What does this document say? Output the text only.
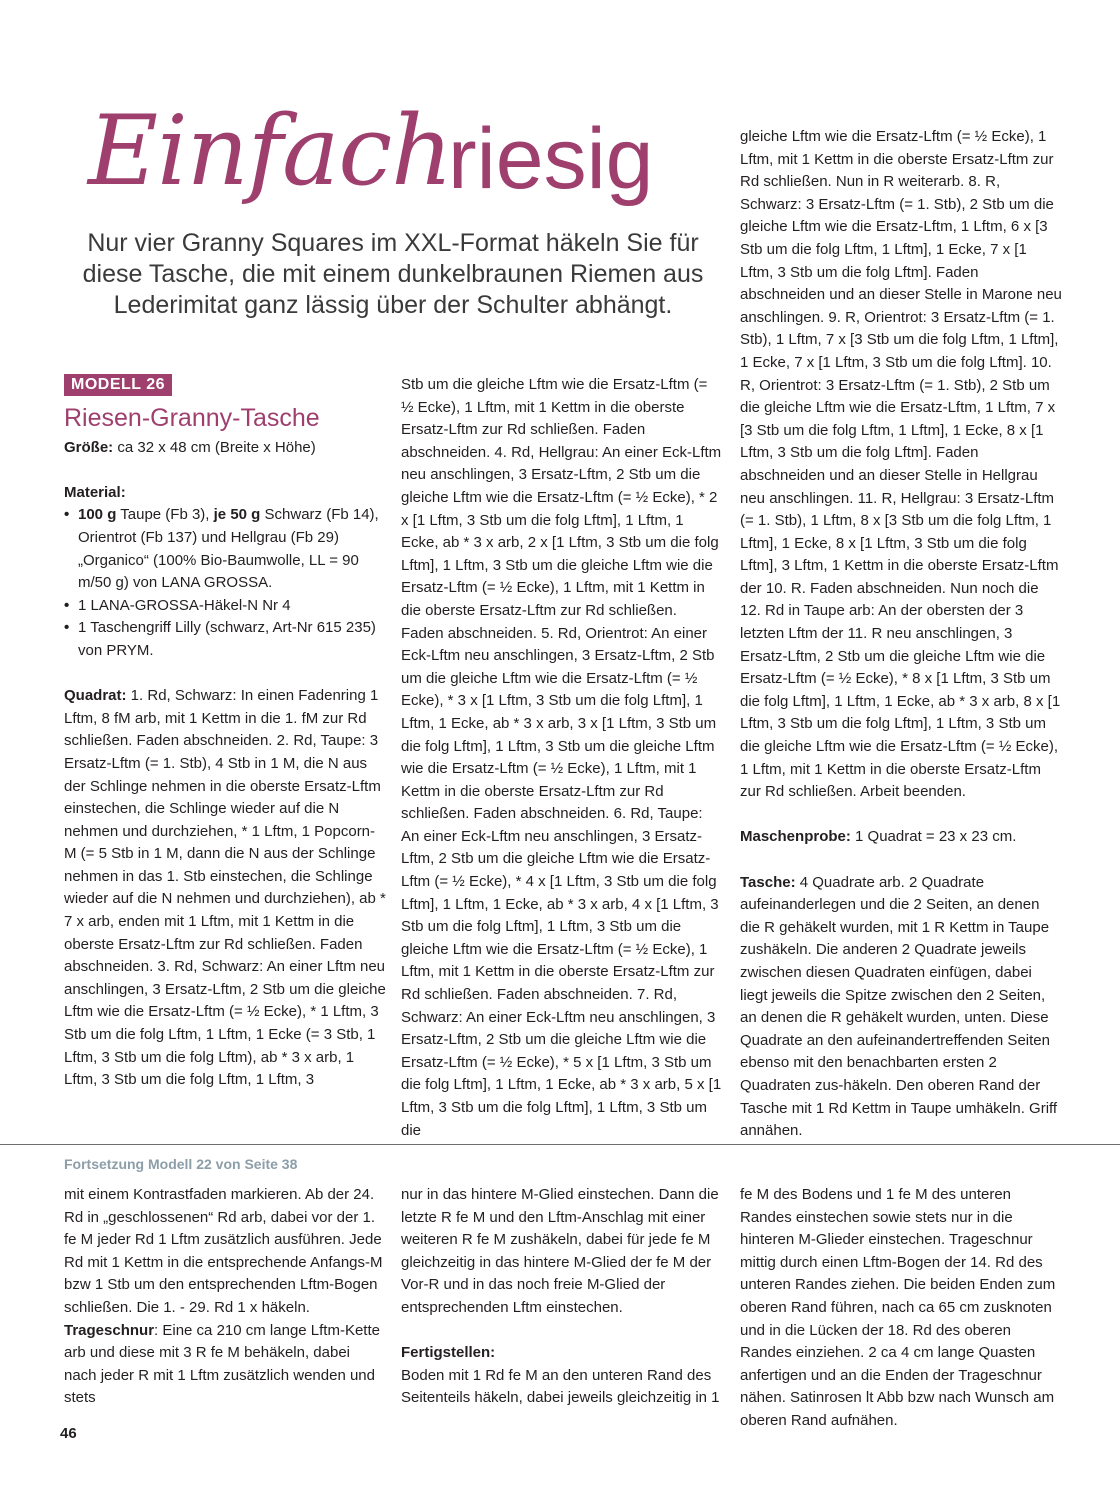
Einfach
riesig
Nur vier Granny Squares im XXL-Format häkeln Sie für diese Tasche, die mit einem dunkelbraunen Riemen aus Lederimitat ganz lässig über der Schulter abhängt.
MODELL 26
Riesen-Granny-Tasche

Größe: ca 32 x 48 cm (Breite x Höhe)

Material:

• 100 g Taupe (Fb 3), je 50 g Schwarz (Fb 14), Orientrot (Fb 137) und Hellgrau (Fb 29) „Organico“ (100% Bio-Baumwolle, LL = 90 m/50 g) von LANA GROSSA.
• 1 LANA-GROSSA-Häkel-N Nr 4
• 1 Taschengriff Lilly (schwarz, Art-Nr 615 235) von PRYM.

Quadrat: 1. Rd, Schwarz: In einen Fadenring 1 Lftm, 8 fM arb, mit 1 Kettm in die 1. fM zur Rd schließen. Faden abschneiden. 2. Rd, Taupe: 3 Ersatz-Lftm (= 1. Stb), 4 Stb in 1 M, die N aus der Schlinge nehmen in die oberste Ersatz-Lftm einstechen, die Schlinge wieder auf die N nehmen und durchziehen, * 1 Lftm, 1 Popcorn-M (= 5 Stb in 1 M, dann die N aus der Schlinge nehmen in das 1. Stb einstechen, die Schlinge wieder auf die N nehmen und durchziehen), ab * 7 x arb, enden mit 1 Lftm, mit 1 Kettm in die oberste Ersatz-Lftm zur Rd schließen. Faden abschneiden. 3. Rd, Schwarz: An einer Lftm neu anschlingen, 3 Ersatz-Lftm, 2 Stb um die gleiche Lftm wie die Ersatz-Lftm (= ½ Ecke), * 1 Lftm, 3 Stb um die folg Lftm, 1 Lftm, 1 Ecke (= 3 Stb, 1 Lftm, 3 Stb um die folg Lftm), ab * 3 x arb, 1 Lftm, 3 Stb um die folg Lftm, 1 Lftm, 3

Stb um die gleiche Lftm wie die Ersatz-Lftm (= ½ Ecke), 1 Lftm, mit 1 Kettm in die oberste Ersatz-Lftm zur Rd schließen. Faden abschneiden. 4. Rd, Hellgrau: An einer Eck-Lftm neu anschlingen, 3 Ersatz-Lftm, 2 Stb um die gleiche Lftm wie die Ersatz-Lftm (= ½ Ecke), * 2 x [1 Lftm, 3 Stb um die folg Lftm], 1 Lftm, 1 Ecke, ab * 3 x arb, 2 x [1 Lftm, 3 Stb um die folg Lftm], 1 Lftm, 3 Stb um die gleiche Lftm wie die Ersatz-Lftm (= ½ Ecke), 1 Lftm, mit 1 Kettm in die oberste Ersatz-Lftm zur Rd schließen. Faden abschneiden. 5. Rd, Orientrot: An einer Eck-Lftm neu anschlingen, 3 Ersatz-Lftm, 2 Stb um die gleiche Lftm wie die Ersatz-Lftm (= ½ Ecke), * 3 x [1 Lftm, 3 Stb um die folg Lftm], 1 Lftm, 1 Ecke, ab * 3 x arb, 3 x [1 Lftm, 3 Stb um die folg Lftm], 1 Lftm, 3 Stb um die gleiche Lftm wie die Ersatz-Lftm (= ½ Ecke), 1 Lftm, mit 1 Kettm in die oberste Ersatz-Lftm zur Rd schließen. Faden abschneiden. 6. Rd, Taupe: An einer Eck-Lftm neu anschlingen, 3 Ersatz-Lftm, 2 Stb um die gleiche Lftm wie die Ersatz-Lftm (= ½ Ecke), * 4 x [1 Lftm, 3 Stb um die folg Lftm], 1 Lftm, 1 Ecke, ab * 3 x arb, 4 x [1 Lftm, 3 Stb um die folg Lftm], 1 Lftm, 3 Stb um die gleiche Lftm wie die Ersatz-Lftm (= ½ Ecke), 1 Lftm, mit 1 Kettm in die oberste Ersatz-Lftm zur Rd schließen. Faden abschneiden. 7. Rd, Schwarz: An einer Eck-Lftm neu anschlingen, 3 Ersatz-Lftm, 2 Stb um die gleiche Lftm wie die Ersatz-Lftm (= ½ Ecke), * 5 x [1 Lftm, 3 Stb um die folg Lftm], 1 Lftm, 1 Ecke, ab * 3 x arb, 5 x [1 Lftm, 3 Stb um die folg Lftm], 1 Lftm, 3 Stb um die

gleiche Lftm wie die Ersatz-Lftm (= ½ Ecke), 1 Lftm, mit 1 Kettm in die oberste Ersatz-Lftm zur Rd schließen. Nun in R weiterarb. 8. R, Schwarz: 3 Ersatz-Lftm (= 1. Stb), 2 Stb um die gleiche Lftm wie die Ersatz-Lftm, 1 Lftm, 6 x [3 Stb um die folg Lftm, 1 Lftm], 1 Ecke, 7 x [1 Lftm, 3 Stb um die folg Lftm]. Faden abschneiden und an dieser Stelle in Marone neu anschlingen. 9. R, Orientrot: 3 Ersatz-Lftm (= 1. Stb), 1 Lftm, 7 x [3 Stb um die folg Lftm, 1 Lftm], 1 Ecke, 7 x [1 Lftm, 3 Stb um die folg Lftm]. 10. R, Orientrot: 3 Ersatz-Lftm (= 1. Stb), 2 Stb um die gleiche Lftm wie die Ersatz-Lftm, 1 Lftm, 7 x [3 Stb um die folg Lftm, 1 Lftm], 1 Ecke, 8 x [1 Lftm, 3 Stb um die folg Lftm]. Faden abschneiden und an dieser Stelle in Hellgrau neu anschlingen. 11. R, Hellgrau: 3 Ersatz-Lftm (= 1. Stb), 1 Lftm, 8 x [3 Stb um die folg Lftm, 1 Lftm], 1 Ecke, 8 x [1 Lftm, 3 Stb um die folg Lftm], 3 Lftm, 1 Kettm in die oberste Ersatz-Lftm der 10. R. Faden abschneiden. Nun noch die 12. Rd in Taupe arb: An der obersten der 3 letzten Lftm der 11. R neu anschlingen, 3 Ersatz-Lftm, 2 Stb um die gleiche Lftm wie die Ersatz-Lftm (= ½ Ecke), * 8 x [1 Lftm, 3 Stb um die folg Lftm], 1 Lftm, 1 Ecke, ab * 3 x arb, 8 x [1 Lftm, 3 Stb um die folg Lftm], 1 Lftm, 3 Stb um die gleiche Lftm wie die Ersatz-Lftm (= ½ Ecke), 1 Lftm, mit 1 Kettm in die oberste Ersatz-Lftm zur Rd schließen. Arbeit beenden.

Maschenprobe: 1 Quadrat = 23 x 23 cm.

Tasche: 4 Quadrate arb. 2 Quadrate aufeinanderlegen und die 2 Seiten, an denen die R gehäkelt wurden, mit 1 R Kettm in Taupe zushäkeln. Die anderen 2 Quadrate jeweils zwischen diesen Quadraten einfügen, dabei liegt jeweils die Spitze zwischen den 2 Seiten, an denen die R gehäkelt wurden, unten. Diese Quadrate an den aufeinandertreffenden Seiten ebenso mit den benachbarten ersten 2 Quadraten zus-häkeln. Den oberen Rand der Tasche mit 1 Rd Kettm in Taupe umhäkeln. Griff annähen.

Fortsetzung Modell 22 von Seite 38

mit einem Kontrastfaden markieren. Ab der 24. Rd in „geschlossenen“ Rd arb, dabei vor der 1. fe M jeder Rd 1 Lftm zusätzlich ausführen. Jede Rd mit 1 Kettm in die entsprechende Anfangs-M bzw 1 Stb um den entsprechenden Lftm-Bogen schließen. Die 1. - 29. Rd 1 x häkeln.

Trageschnur: Eine ca 210 cm lange Lftm-Kette arb und diese mit 3 R fe M behäkeln, dabei nach jeder R mit 1 Lftm zusätzlich wenden und stets

nur in das hintere M-Glied einstechen. Dann die letzte R fe M und den Lftm-Anschlag mit einer weiteren R fe M zushäkeln, dabei für jede fe M gleichzeitig in das hintere M-Glied der fe M der Vor-R und in das noch freie M-Glied der entsprechenden Lftm einstechen.

Fertigstellen:

Boden mit 1 Rd fe M an den unteren Rand des Seitenteils häkeln, dabei jeweils gleichzeitig in 1

fe M des Bodens und 1 fe M des unteren Randes einstechen sowie stets nur in die hinteren M-Glieder einstechen. Trageschnur mittig durch einen Lftm-Bogen der 14. Rd des unteren Randes ziehen. Die beiden Enden zum oberen Rand führen, nach ca 65 cm zusknoten und in die Lücken der 18. Rd des oberen Randes einziehen. 2 ca 4 cm lange Quasten anfertigen und an die Enden der Trageschnur nähen. Satinrosen lt Abb bzw nach Wunsch am oberen Rand aufnähen.

46
